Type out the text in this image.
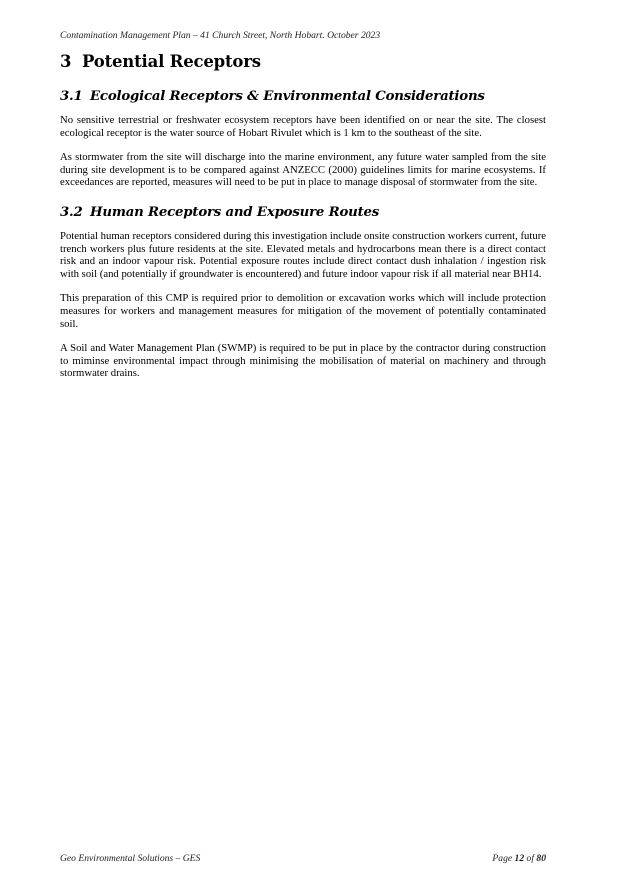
Contamination Management Plan – 41 Church Street, North Hobart. October 2023
3 Potential Receptors
3.1 Ecological Receptors & Environmental Considerations

No sensitive terrestrial or freshwater ecosystem receptors have been identified on or near the site. The closest ecological receptor is the water source of Hobart Rivulet which is 1 km to the southeast of the site.

As stormwater from the site will discharge into the marine environment, any future water sampled from the site during site development is to be compared against ANZECC (2000) guidelines limits for marine ecosystems. If exceedances are reported, measures will need to be put in place to manage disposal of stormwater from the site.

3.2 Human Receptors and Exposure Routes

Potential human receptors considered during this investigation include onsite construction workers current, future trench workers plus future residents at the site. Elevated metals and hydrocarbons mean there is a direct contact risk and an indoor vapour risk. Potential exposure routes include direct contact dush inhalation / ingestion risk with soil (and potentially if groundwater is encountered) and future indoor vapour risk if all material near BH14.

This preparation of this CMP is required prior to demolition or excavation works which will include protection measures for workers and management measures for mitigation of the movement of potentially contaminated soil.

A Soil and Water Management Plan (SWMP) is required to be put in place by the contractor during construction to miminse environmental impact through minimising the mobilisation of material on machinery and through stormwater drains.

Geo Environmental Solutions – GES	Page 12 of 80
